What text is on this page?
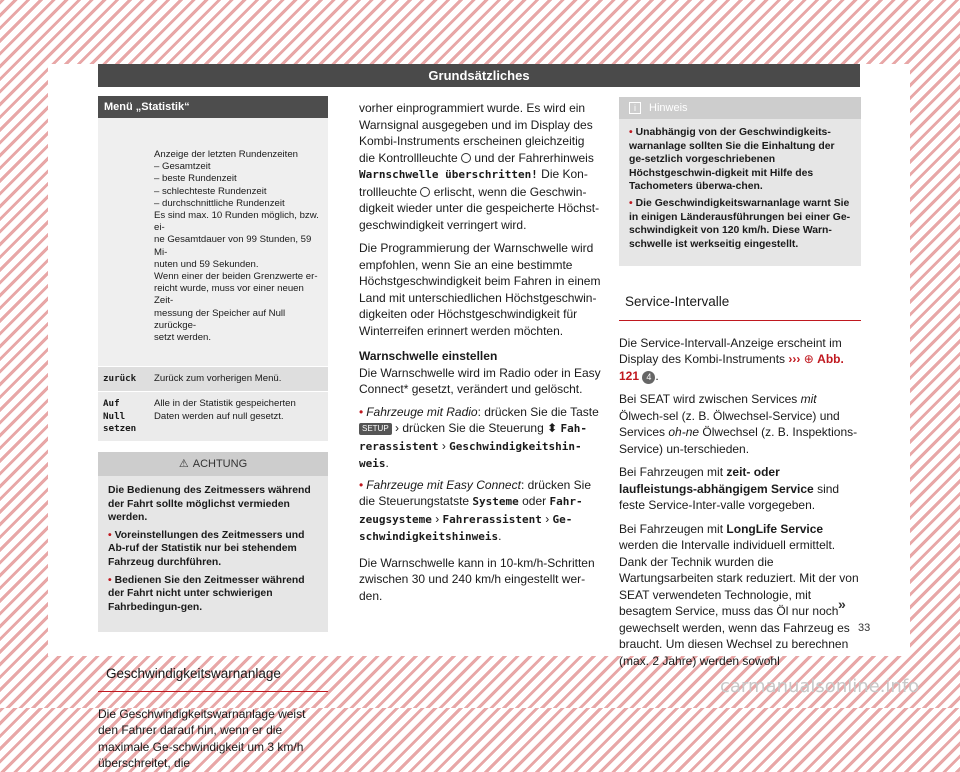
Grundsätzliches
Menü „Statistik“
Anzeige der letzten Rundenzeiten
– Gesamtzeit
– beste Rundenzeit
– schlechteste Rundenzeit
– durchschnittliche Rundenzeit
Es sind max. 10 Runden möglich, bzw. ei-
ne Gesamtdauer von 99 Stunden, 59 Mi-
nuten und 59 Sekunden.
Wenn einer der beiden Grenzwerte er-
reicht wurde, muss vor einer neuen Zeit-
messung der Speicher auf Null zurückge-
setzt werden.
zurück	Zurück zum vorherigen Menü.
Auf Null setzen
Alle in der Statistik gespeicherten Daten werden auf null gesetzt.
⚠ ACHTUNG

Die Bedienung des Zeitmessers während der Fahrt sollte möglichst vermieden werden.

• Voreinstellungen des Zeitmessers und Ab-ruf der Statistik nur bei stehendem Fahrzeug durchführen.

• Bedienen Sie den Zeitmesser während der Fahrt nicht unter schwierigen Fahrbedingun-gen.

Geschwindigkeitswarnanlage
Die Geschwindigkeitswarnanlage weist den Fahrer darauf hin, wenn er die maximale Ge-schwindigkeit um 3 km/h überschreitet, die
vorher einprogrammiert wurde. Es wird ein Warnsignal ausgegeben und im Display des Kombi-Instruments erscheinen gleichzeitig die Kontrollleuchte und der Fahrerhinweis Warnschwelle überschritten! Die Kon-trollleuchte erlischt, wenn die Geschwin-digkeit wieder unter die gespeicherte Höchst-geschwindigkeit verringert wird.
Die Programmierung der Warnschwelle wird empfohlen, wenn Sie an eine bestimmte Höchstgeschwindigkeit beim Fahren in einem Land mit unterschiedlichen Höchstgeschwin-digkeiten oder Höchstgeschwindigkeit für Winterreifen erinnert werden möchten.
Warnschwelle einstellen
Die Warnschwelle wird im Radio oder in Easy Connect* gesetzt, verändert und gelöscht.
• Fahrzeuge mit Radio: drücken Sie die Taste SETUP › drücken Sie die Steuerung ⬍ Fah-rerassistent › Geschwindigkeitshin-weis.
• Fahrzeuge mit Easy Connect: drücken Sie die Steuerungstatste Systeme oder Fahr-zeugsysteme › Fahrerassistent › Ge-schwindigkeitshinweis.
Die Warnschwelle kann in 10-km/h-Schritten zwischen 30 und 240 km/h eingestellt wer-den.
i Hinweis

• Unabhängig von der Geschwindigkeits-warnanlage sollten Sie die Einhaltung der ge-setzlich vorgeschriebenen Höchstgeschwin-digkeit mit Hilfe des Tachometers überwa-chen.

• Die Geschwindigkeitswarnanlage warnt Sie in einigen Länderausführungen bei einer Ge-schwindigkeit von 120 km/h. Diese Warn-schwelle ist werkseitig eingestellt.

Service-Intervalle
Die Service-Intervall-Anzeige erscheint im Display des Kombi-Instruments ››› ⊕ Abb. 121 4 .
Bei SEAT wird zwischen Services mit Ölwech-sel (z. B. Ölwechsel-Service) und Services oh-ne Ölwechsel (z. B. Inspektions-Service) un-terschieden.
Bei Fahrzeugen mit zeit- oder laufleistungs-abhängigem Service sind feste Service-Inter-valle vorgegeben.
Bei Fahrzeugen mit LongLife Service werden die Intervalle individuell ermittelt. Dank der Technik wurden die Wartungsarbeiten stark reduziert. Mit der von SEAT verwendeten Technologie, mit besagtem Service, muss das Öl nur noch gewechselt werden, wenn das Fahrzeug es braucht. Um diesen Wechsel zu berechnen (max. 2 Jahre) werden sowohl
»
33
carmanualsonline.info
